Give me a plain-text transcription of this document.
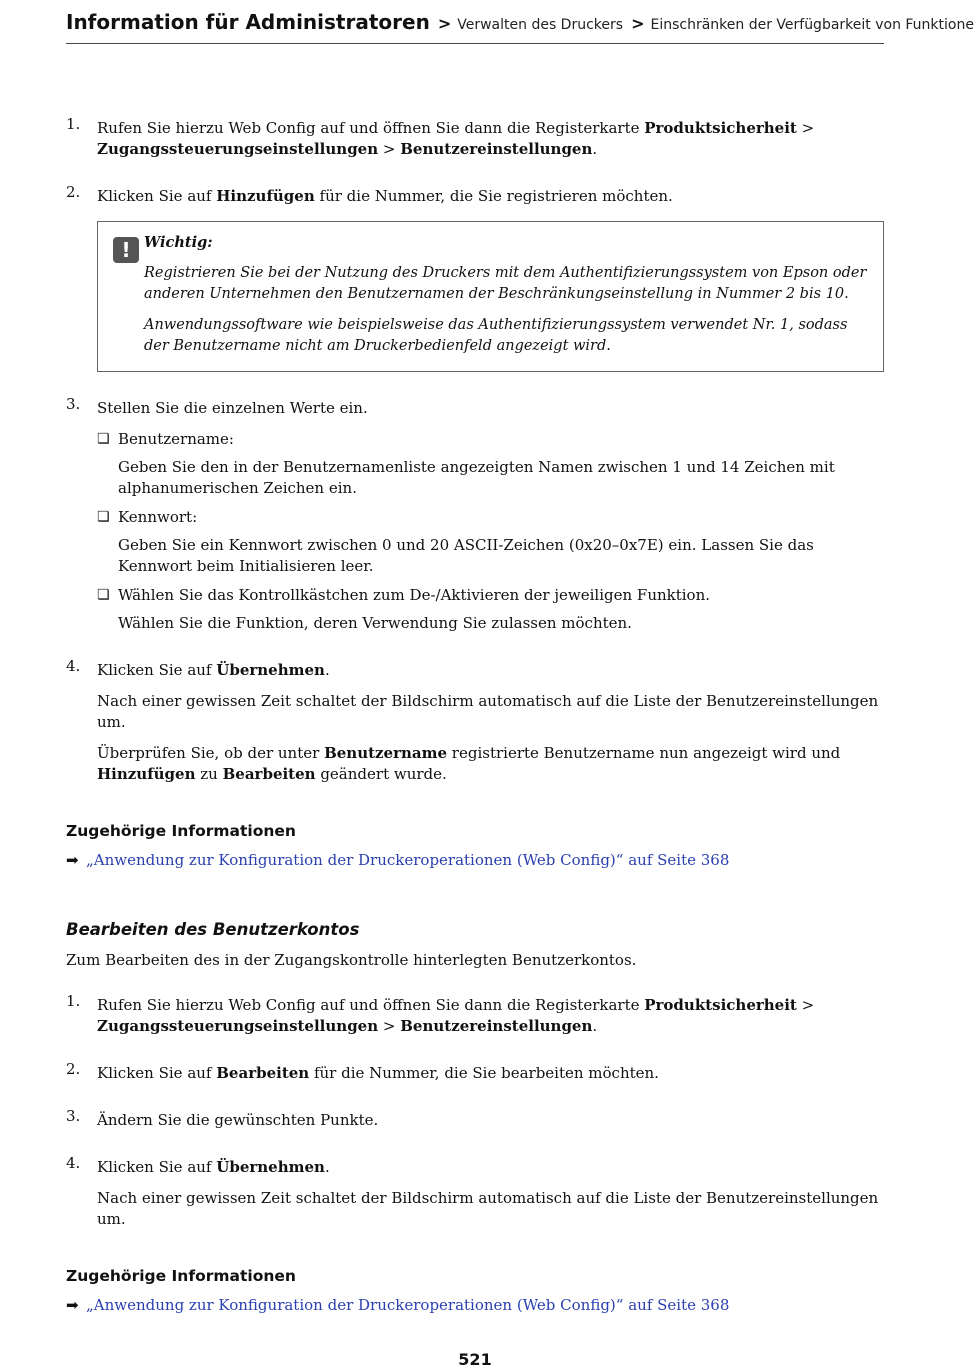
Information für Administratoren > Verwalten des Druckers > Einschränken der Verfügbarkeit von Funktione
1. Rufen Sie hierzu Web Config auf und öffnen Sie dann die Registerkarte Produktsicherheit > Zugangssteuerungseinstellungen > Benutzereinstellungen.

2. Klicken Sie auf Hinzufügen für die Nummer, die Sie registrieren möchten.

! Wichtig:

Registrieren Sie bei der Nutzung des Druckers mit dem Authentifizierungssystem von Epson oder anderen Unternehmen den Benutzernamen der Beschränkungseinstellung in Nummer 2 bis 10.

Anwendungssoftware wie beispielsweise das Authentifizierungssystem verwendet Nr. 1, sodass der Benutzername nicht am Druckerbedienfeld angezeigt wird.

3. Stellen Sie die einzelnen Werte ein.

❏ Benutzername:
Geben Sie den in der Benutzernamenliste angezeigten Namen zwischen 1 und 14 Zeichen mit alphanumerischen Zeichen ein.
❏ Kennwort:
Geben Sie ein Kennwort zwischen 0 und 20 ASCII-Zeichen (0x20–0x7E) ein. Lassen Sie das Kennwort beim Initialisieren leer.
❏ Wählen Sie das Kontrollkästchen zum De-/Aktivieren der jeweiligen Funktion.
Wählen Sie die Funktion, deren Verwendung Sie zulassen möchten.
4. Klicken Sie auf Übernehmen.

Nach einer gewissen Zeit schaltet der Bildschirm automatisch auf die Liste der Benutzereinstellungen um.

Überprüfen Sie, ob der unter Benutzername registrierte Benutzername nun angezeigt wird und Hinzufügen zu Bearbeiten geändert wurde.

Zugehörige Informationen
➡ „Anwendung zur Konfiguration der Druckeroperationen (Web Config)“ auf Seite 368
Bearbeiten des Benutzerkontos

Zum Bearbeiten des in der Zugangskontrolle hinterlegten Benutzerkontos.

1. Rufen Sie hierzu Web Config auf und öffnen Sie dann die Registerkarte Produktsicherheit > Zugangssteuerungseinstellungen > Benutzereinstellungen.

2. Klicken Sie auf Bearbeiten für die Nummer, die Sie bearbeiten möchten.

3. Ändern Sie die gewünschten Punkte.

4. Klicken Sie auf Übernehmen.

Nach einer gewissen Zeit schaltet der Bildschirm automatisch auf die Liste der Benutzereinstellungen um.

Zugehörige Informationen
➡ „Anwendung zur Konfiguration der Druckeroperationen (Web Config)“ auf Seite 368
521
